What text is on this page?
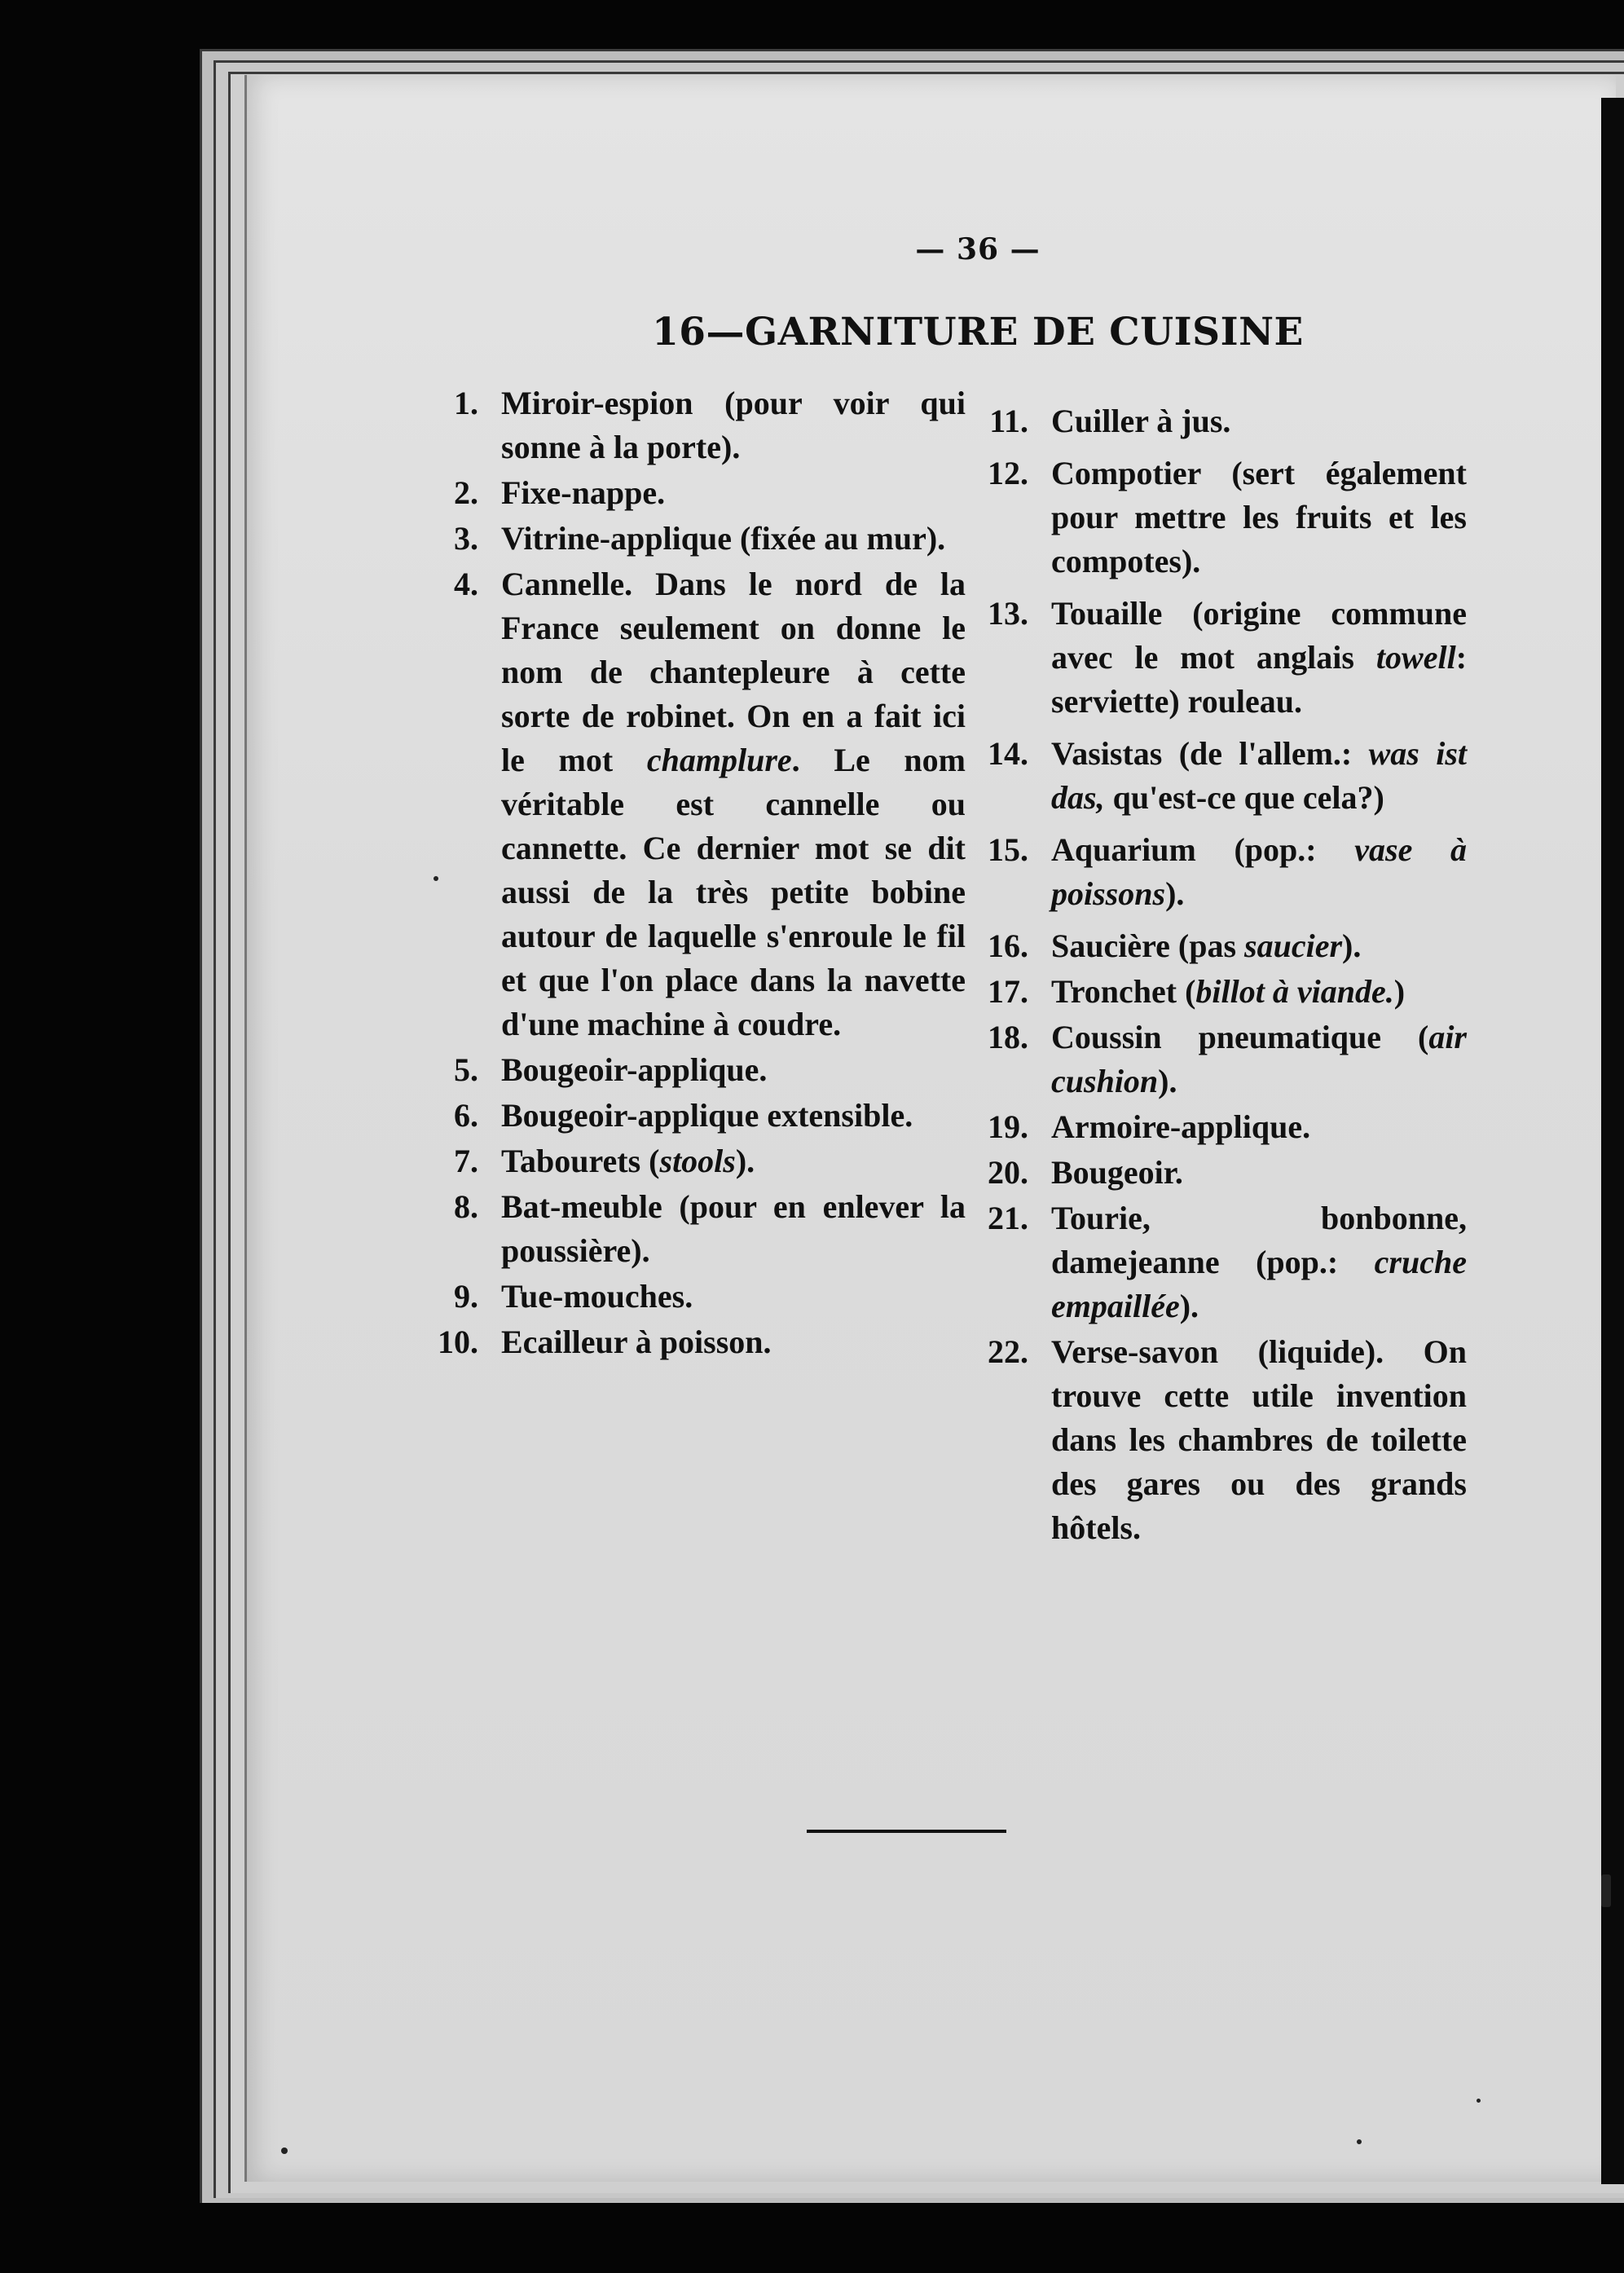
— 36 —
16—GARNITURE DE CUISINE
1. Miroir-espion (pour voir qui sonne à la porte).
2. Fixe-nappe.
3. Vitrine-applique (fixée au mur).
4. Cannelle. Dans le nord de la France seulement on donne le nom de chantepleure à cette sorte de robinet. On en a fait ici le mot champlure. Le nom véritable est cannelle ou cannette. Ce dernier mot se dit aussi de la très petite bobine autour de laquelle s'enroule le fil et que l'on place dans la navette d'une machine à coudre.
5. Bougeoir-applique.
6. Bougeoir-applique extensible.
7. Tabourets (stools).
8. Bat-meuble (pour en enlever la poussière).
9. Tue-mouches.
10. Ecailleur à poisson.
11. Cuiller à jus.
12. Compotier (sert également pour mettre les fruits et les compotes).
13. Touaille (origine commune avec le mot anglais towell: serviette) rouleau.
14. Vasistas (de l'allem.: was ist das, qu'est-ce que cela?)
15. Aquarium (pop.: vase à poissons).
16. Saucière (pas saucier).
17. Tronchet (billot à viande.)
18. Coussin pneumatique (air cushion).
19. Armoire-applique.
20. Bougeoir.
21. Tourie, bonbonne, damejeanne (pop.: cruche empaillée).
22. Verse-savon (liquide). On trouve cette utile invention dans les chambres de toilette des gares ou des grands hôtels.
